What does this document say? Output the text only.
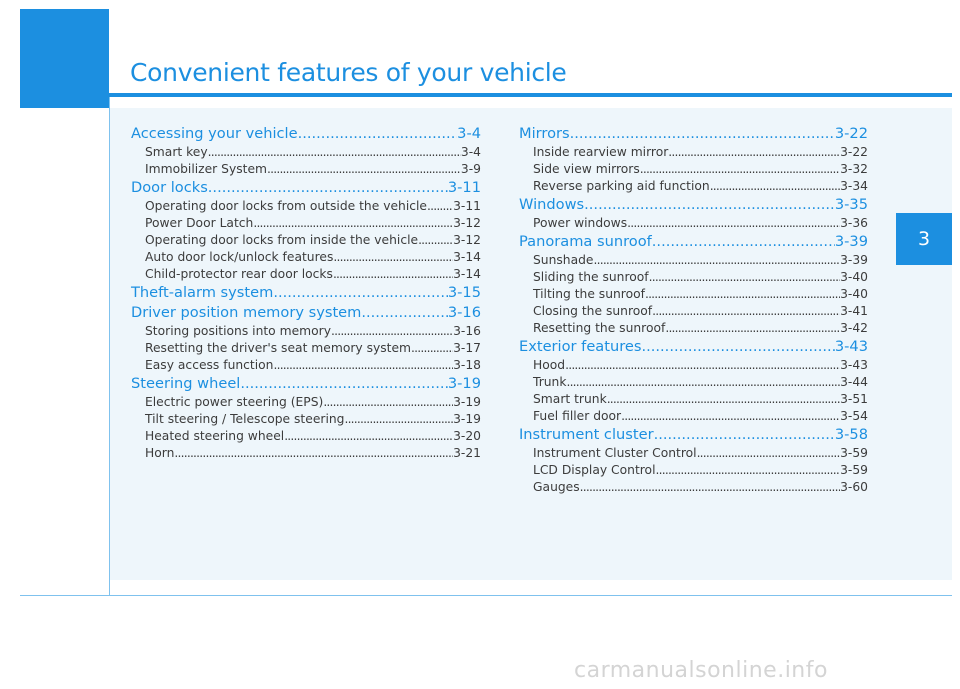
Convenient features of your vehicle
3
Accessing your vehicle .....	3-4
Smart key .....	3-4
Immobilizer System .....	3-9
Door locks .....	3-11
Operating door locks from outside the vehicle ..... 3-11
Power Door Latch .....	3-12
Operating door locks from inside the vehicle .....	3-12
Auto door lock/unlock features .....	3-14
Child-protector rear door locks .....	3-14
Theft-alarm system .....	3-15
Driver position memory system .....	3-16
Storing positions into memory .....	3-16
Resetting the driver's seat memory system .....	3-17
Easy access function .....	3-18
Steering wheel .....	3-19
Electric power steering (EPS) .....	3-19
Tilt steering / Telescope steering .....	3-19
Heated steering wheel .....	3-20
Horn .....	3-21
Mirrors .....	3-22
Inside rearview mirror .....	3-22
Side view mirrors .....	3-32
Reverse parking aid function .....	3-34
Windows .....	3-35
Power windows .....	3-36
Panorama sunroof .....	3-39
Sunshade .....	3-39
Sliding the sunroof .....	3-40
Tilting the sunroof .....	3-40
Closing the sunroof .....	3-41
Resetting the sunroof .....	3-42
Exterior features .....	3-43
Hood .....	3-43
Trunk .....	3-44
Smart trunk .....	3-51
Fuel filler door .....	3-54
Instrument cluster .....	3-58
Instrument Cluster Control .....	3-59
LCD Display Control .....	3-59
Gauges .....	3-60
carmanualsonline.info
